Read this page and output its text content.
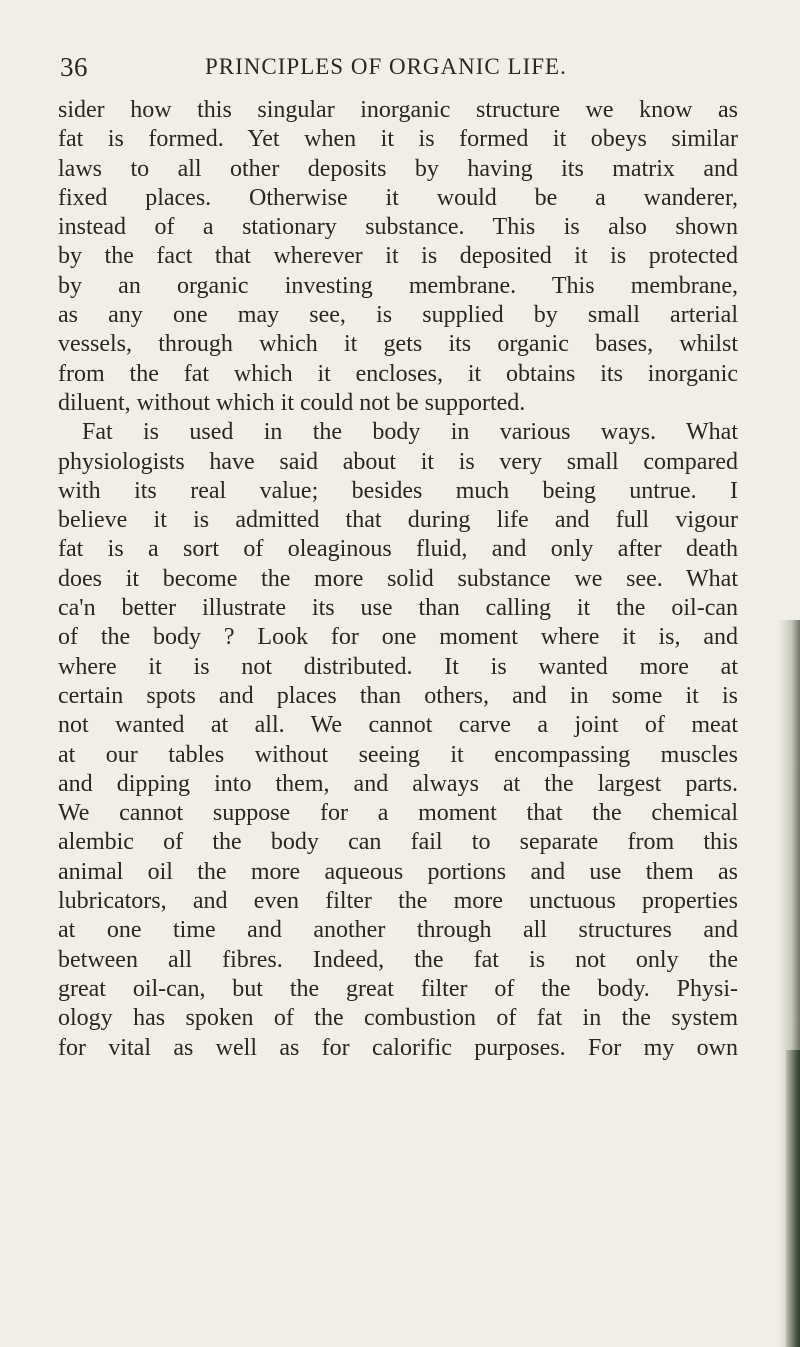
36	PRINCIPLES OF ORGANIC LIFE.
sider how this singular inorganic structure we know as
fat is formed. Yet when it is formed it obeys similar
laws to all other deposits by having its matrix and
fixed places. Otherwise it would be a wanderer,
instead of a stationary substance. This is also shown
by the fact that wherever it is deposited it is protected
by an organic investing membrane. This membrane,
as any one may see, is supplied by small arterial
vessels, through which it gets its organic bases, whilst
from the fat which it encloses, it obtains its inorganic
diluent, without which it could not be supported.
Fat is used in the body in various ways. What
physiologists have said about it is very small compared
with its real value; besides much being untrue. I
believe it is admitted that during life and full vigour
fat is a sort of oleaginous fluid, and only after death
does it become the more solid substance we see. What
ca'n better illustrate its use than calling it the oil-can
of the body ? Look for one moment where it is, and
where it is not distributed. It is wanted more at
certain spots and places than others, and in some it is
not wanted at all. We cannot carve a joint of meat
at our tables without seeing it encompassing muscles
and dipping into them, and always at the largest parts.
We cannot suppose for a moment that the chemical
alembic of the body can fail to separate from this
animal oil the more aqueous portions and use them as
lubricators, and even filter the more unctuous properties
at one time and another through all structures and
between all fibres. Indeed, the fat is not only the
great oil-can, but the great filter of the body. Physi-
ology has spoken of the combustion of fat in the system
for vital as well as for calorific purposes. For my own
